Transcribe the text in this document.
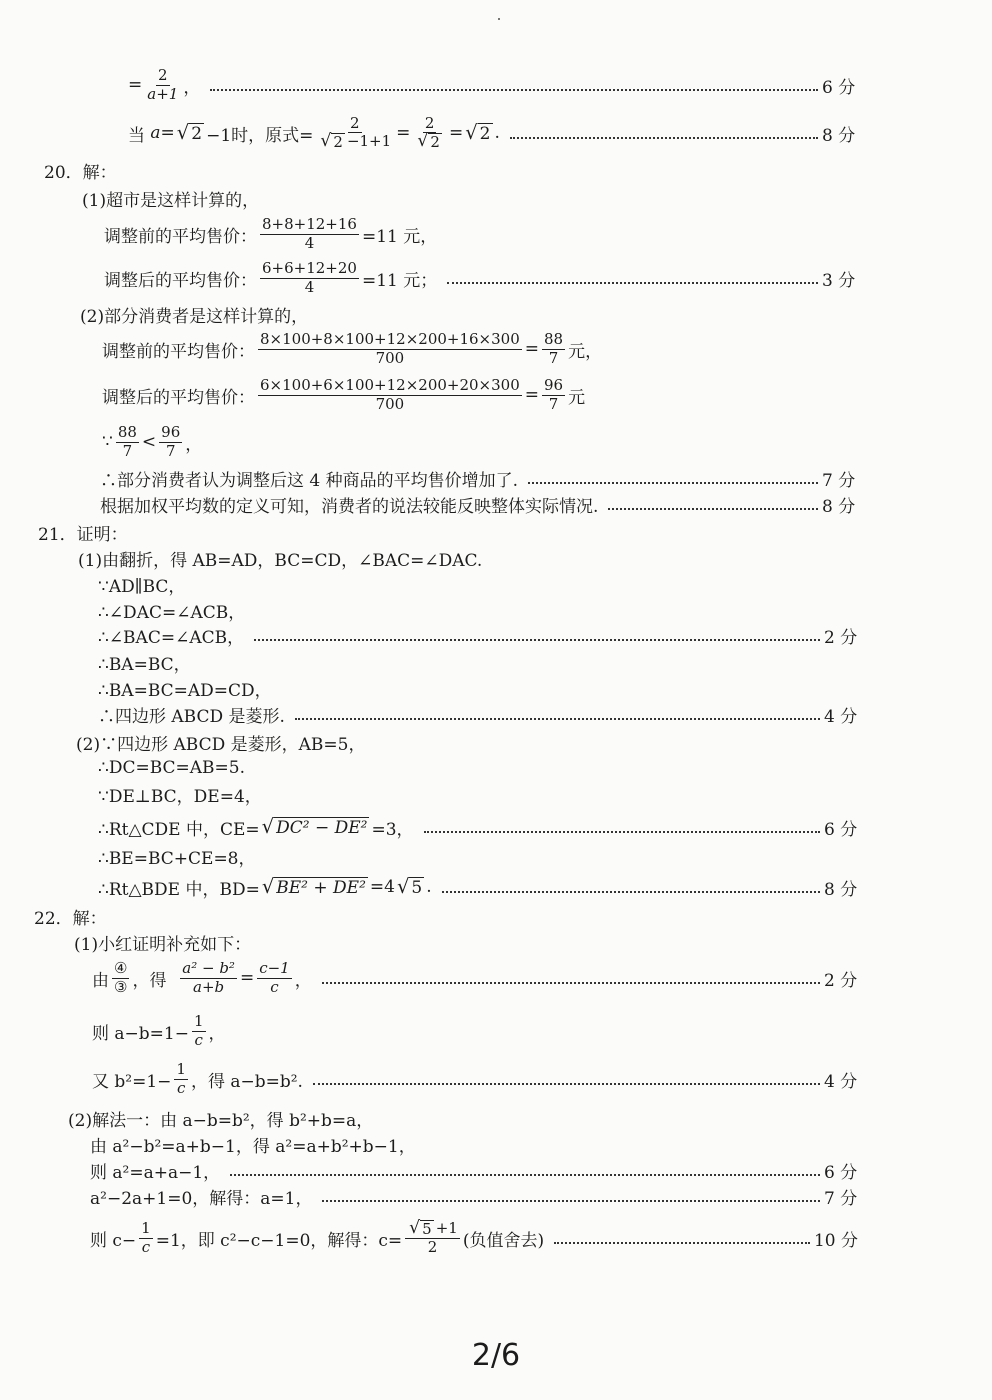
= $\frac{2}{a+1}$ ，	6 分
当
a = √ 2 −1时，原式= $\frac{2}{√ 2 -1+1} = \frac{2}{√ 2}$ = √ 2 .	8 分
20．解：
(1)超市是这样计算的，
调整前的平均售价： $\frac{8+8+12+16}{4} =11$ 元，
调整后的平均售价： $\frac{6+6+12+20}{4} =11$ 元；	3 分
(2)部分消费者是这样计算的，
调整前的平均售价： $\frac{8\times 100+8\times 100+12\times 200+16\times 300}{700} = \frac{88}{7}$ 元，
调整后的平均售价： $\frac{6\times 100+6\times 100+12\times 200+20\times 300}{700} = \frac{96}{7}$ 元
∵ $\frac{88}{7} < \frac{96}{7}$ ，
∴部分消费者认为调整后这 4 种商品的平均售价增加了.	7 分
根据加权平均数的定义可知，消费者的说法较能反映整体实际情况.	8 分
21．证明：
(1)由翻折，得 AB=AD，BC=CD，∠BAC=∠DAC.
∵AD∥BC，
∴∠DAC=∠ACB，
∴∠BAC=∠ACB，	2 分
∴BA=BC，
∴BA=BC=AD=CD，
∴四边形 ABCD 是菱形.	4 分
(2)∵四边形 ABCD 是菱形，AB=5，
∴DC=BC=AB=5.
∵DE⊥BC，DE=4，
∴Rt△CDE 中，CE= √ DC² − DE² =3，	6 分
∴BE=BC+CE=8，
∴Rt△BDE 中，BD= √ BE² + DE² =4 √ 5 .	8 分
22．解：
(1)小红证明补充如下：
由 $\frac{\text{④}}{\text{③}}$ ，得
$\frac{\text{a² − b²}}{a+b} = \frac{c-1}{c}$ ，	2 分
则 $a-b=1- \frac{1}{c}$ ，
又 $b^2=1- \frac{1}{c}$ ，得 a−b=b².	4 分
(2)解法一：由 a−b=b²，得 b²+b=a，
由 a²−b²=a+b−1，得 a²=a+b²+b−1，
则 a²=a+a−1，	6 分
a²−2a+1=0，解得：a=1，	7 分
则 $c- \frac{1}{c} =1$，即 c²−c−1=0，解得：$c= \frac{√ 5 +1}{2}$ (负值舍去)	10 分
2/6
